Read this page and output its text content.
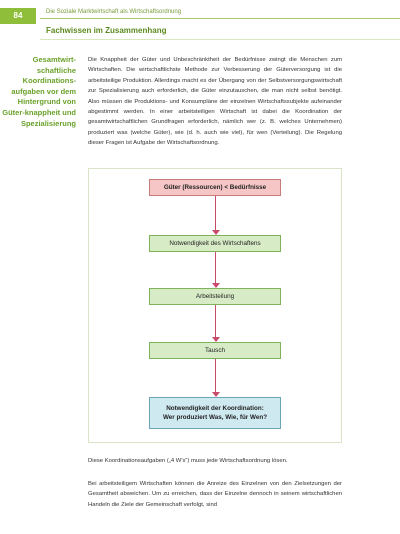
84	Die Soziale Marktwirtschaft als Wirtschaftsordnung
Fachwissen im Zusammenhang
Gesamtwirt-schaftliche Koordinations-aufgaben vor dem Hintergrund von Güter-knappheit und Spezialisierung
Die Knappheit der Güter und Unbeschränktheit der Bedürfnisse zwingt die Menschen zum Wirtschaften. Die wirtschaftlichste Methode zur Verbesserung der Güterversorgung ist die arbeitsteilige Produktion. Allerdings macht es der Übergang von der Selbstversorgungswirtschaft zur Spezialisierung auch erforderlich, die Güter einzutauschen, die man nicht selbst benötigt. Also müssen die Produktions- und Konsumpläne der einzelnen Wirtschaftssubjekte aufeinander abgestimmt werden. In einer arbeitsteiligen Wirtschaft ist dabei die Koordination der gesamtwirtschaftlichen Grundfragen erforderlich, nämlich wer (z. B. welches Unternehmen) produziert was (welche Güter), wie (d. h. auch wie viel), für wen (Verteilung). Die Regelung dieser Fragen ist Aufgabe der Wirtschaftsordnung.
Güter (Ressourcen) < Bedürfnisse
Notwendigkeit des Wirtschaftens
Arbeitsteilung
Tausch
Notwendigkeit der Koordination:
Wer produziert Was, Wie, für Wen?
Diese Koordinationsaufgaben („4 W's“) muss jede Wirtschaftsordnung lösen.
Bei arbeitsteiligem Wirtschaften können die Anreize des Einzelnen von den Zielsetzungen der Gesamtheit abweichen. Um zu erreichen, dass der Einzelne dennoch in seinem wirtschaftlichen Handeln die Ziele der Gemeinschaft verfolgt, sind
